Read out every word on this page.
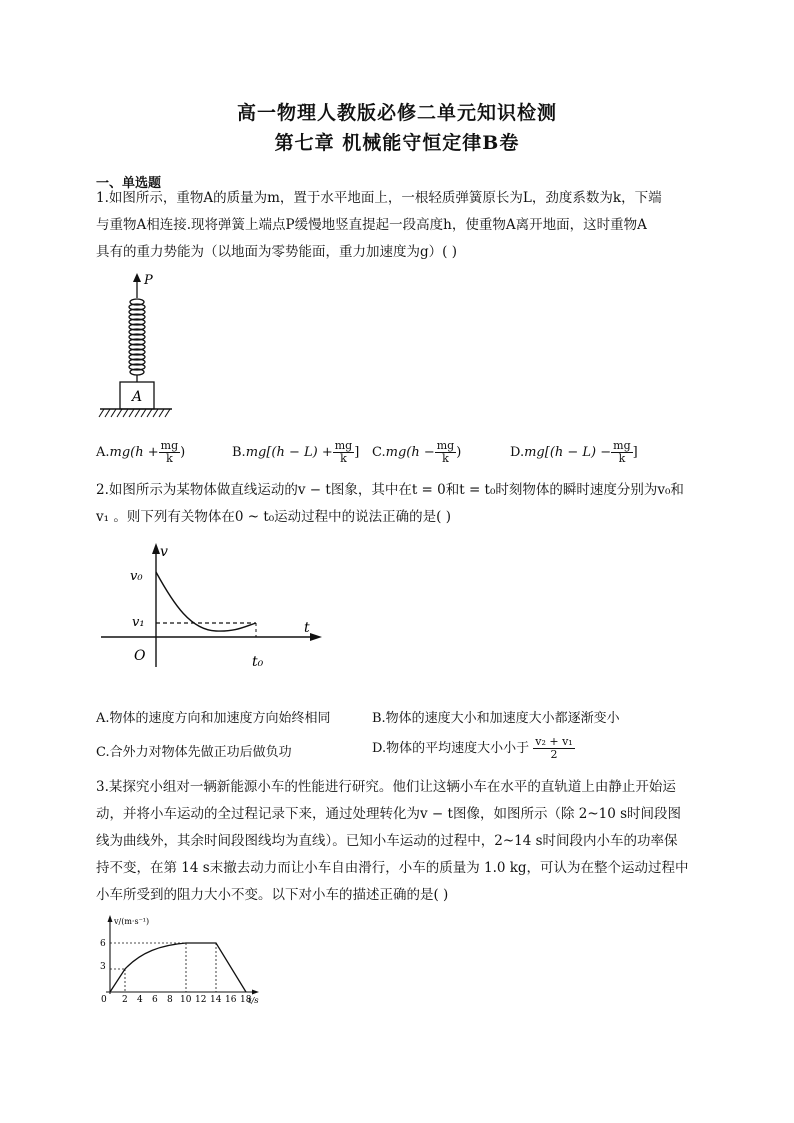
高一物理人教版必修二单元知识检测
第七章 机械能守恒定律B卷
一、单选题
1.如图所示，重物A的质量为m，置于水平地面上，一根轻质弹簧原长为L，劲度系数为k，下端
与重物A相连接.现将弹簧上端点P缓慢地竖直提起一段高度h，使重物A离开地面，这时重物A
具有的重力势能为（以地面为零势能面，重力加速度为g）( )
P
A
$A.mg(h + \frac{mg}{k}$ )	$B.mg[(h - L) + \frac{mg}{k}$ ] $C.mg(h - \frac{mg}{k}$ )	$D.mg[(h - L) - \frac{mg}{k}$ ]
2.如图所示为某物体做直线运动的v − t图象，其中在t = 0和t = t₀时刻物体的瞬时速度分别为v₀和
v₁ 。则下列有关物体在0 ~ t₀运动过程中的说法正确的是( )
v
t
v₀
v₁
O	t₀
A.物体的速度方向和加速度方向始终相同	B.物体的速度大小和加速度大小都逐渐变小
C.合外力对物体先做正功后做负功	D.物体的平均速度大小小于 $\frac{\text{v₂ + v₁}}{2}$
3.某探究小组对一辆新能源小车的性能进行研究。他们让这辆小车在水平的直轨道上由静止开始运
动，并将小车运动的全过程记录下来，通过处理转化为v − t图像，如图所示（除 2~10 s时间段图
线为曲线外，其余时间段图线均为直线）。已知小车运动的过程中，2~14 s时间段内小车的功率保
持不变，在第 14 s末撤去动力而让小车自由滑行，小车的质量为 1.0 kg，可认为在整个运动过程中
小车所受到的阻力大小不变。以下对小车的描述正确的是( )
v/(m·s⁻¹)
t/s
6
3
0 2 4 6 8 10 12 14 16 18
